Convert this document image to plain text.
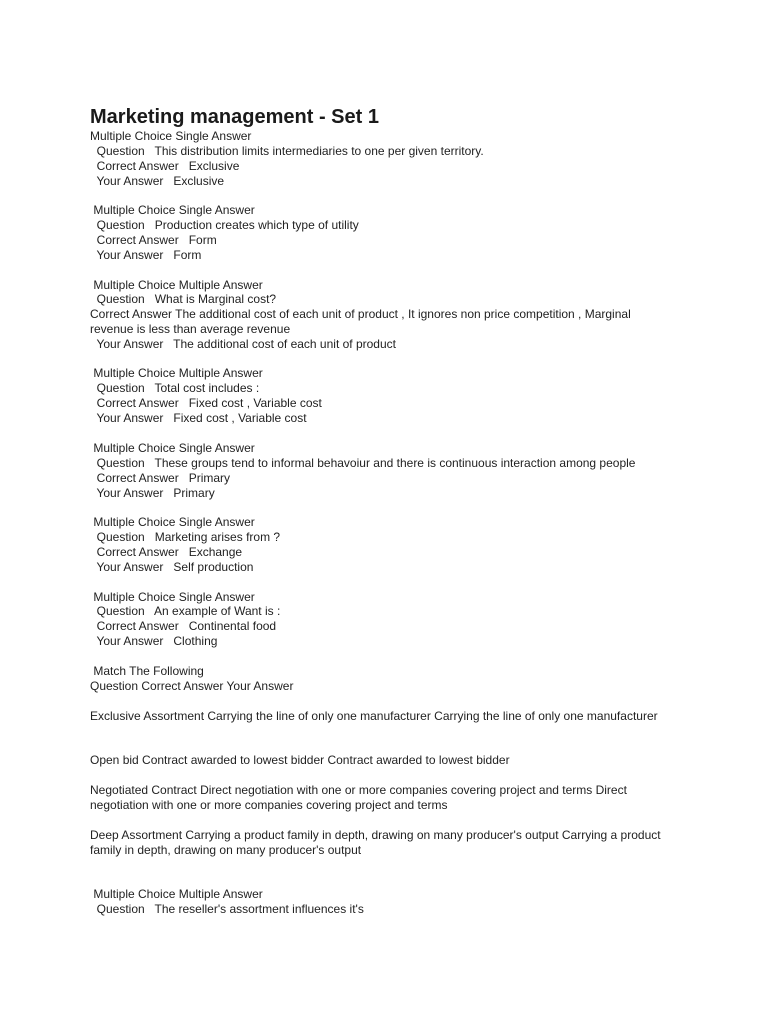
Marketing management - Set 1
Multiple Choice Single Answer
Question   This distribution limits intermediaries to one per given territory.
Correct Answer   Exclusive
Your Answer   Exclusive
Multiple Choice Single Answer
Question   Production creates which type of utility
Correct Answer   Form
Your Answer   Form
Multiple Choice Multiple Answer
Question   What is Marginal cost?
Correct Answer The additional cost of each unit of product , It ignores non price competition , Marginal revenue is less than average revenue
Your Answer   The additional cost of each unit of product
Multiple Choice Multiple Answer
Question   Total cost includes :
Correct Answer   Fixed cost , Variable cost
Your Answer   Fixed cost , Variable cost
Multiple Choice Single Answer
Question   These groups tend to informal behavoiur and there is continuous interaction among people
Correct Answer   Primary
Your Answer   Primary
Multiple Choice Single Answer
Question   Marketing arises from ?
Correct Answer   Exchange
Your Answer   Self production
Multiple Choice Single Answer
Question   An example of Want is :
Correct Answer   Continental food
Your Answer   Clothing
Match The Following
Question Correct Answer Your Answer
Exclusive Assortment Carrying the line of only one manufacturer Carrying the line of only one manufacturer
Open bid Contract awarded to lowest bidder Contract awarded to lowest bidder
Negotiated Contract Direct negotiation with one or more companies covering project and terms Direct negotiation with one or more companies covering project and terms
Deep Assortment Carrying a product family in depth, drawing on many producer's output Carrying a product family in depth, drawing on many producer's output
Multiple Choice Multiple Answer
Question   The reseller's assortment influences it's
